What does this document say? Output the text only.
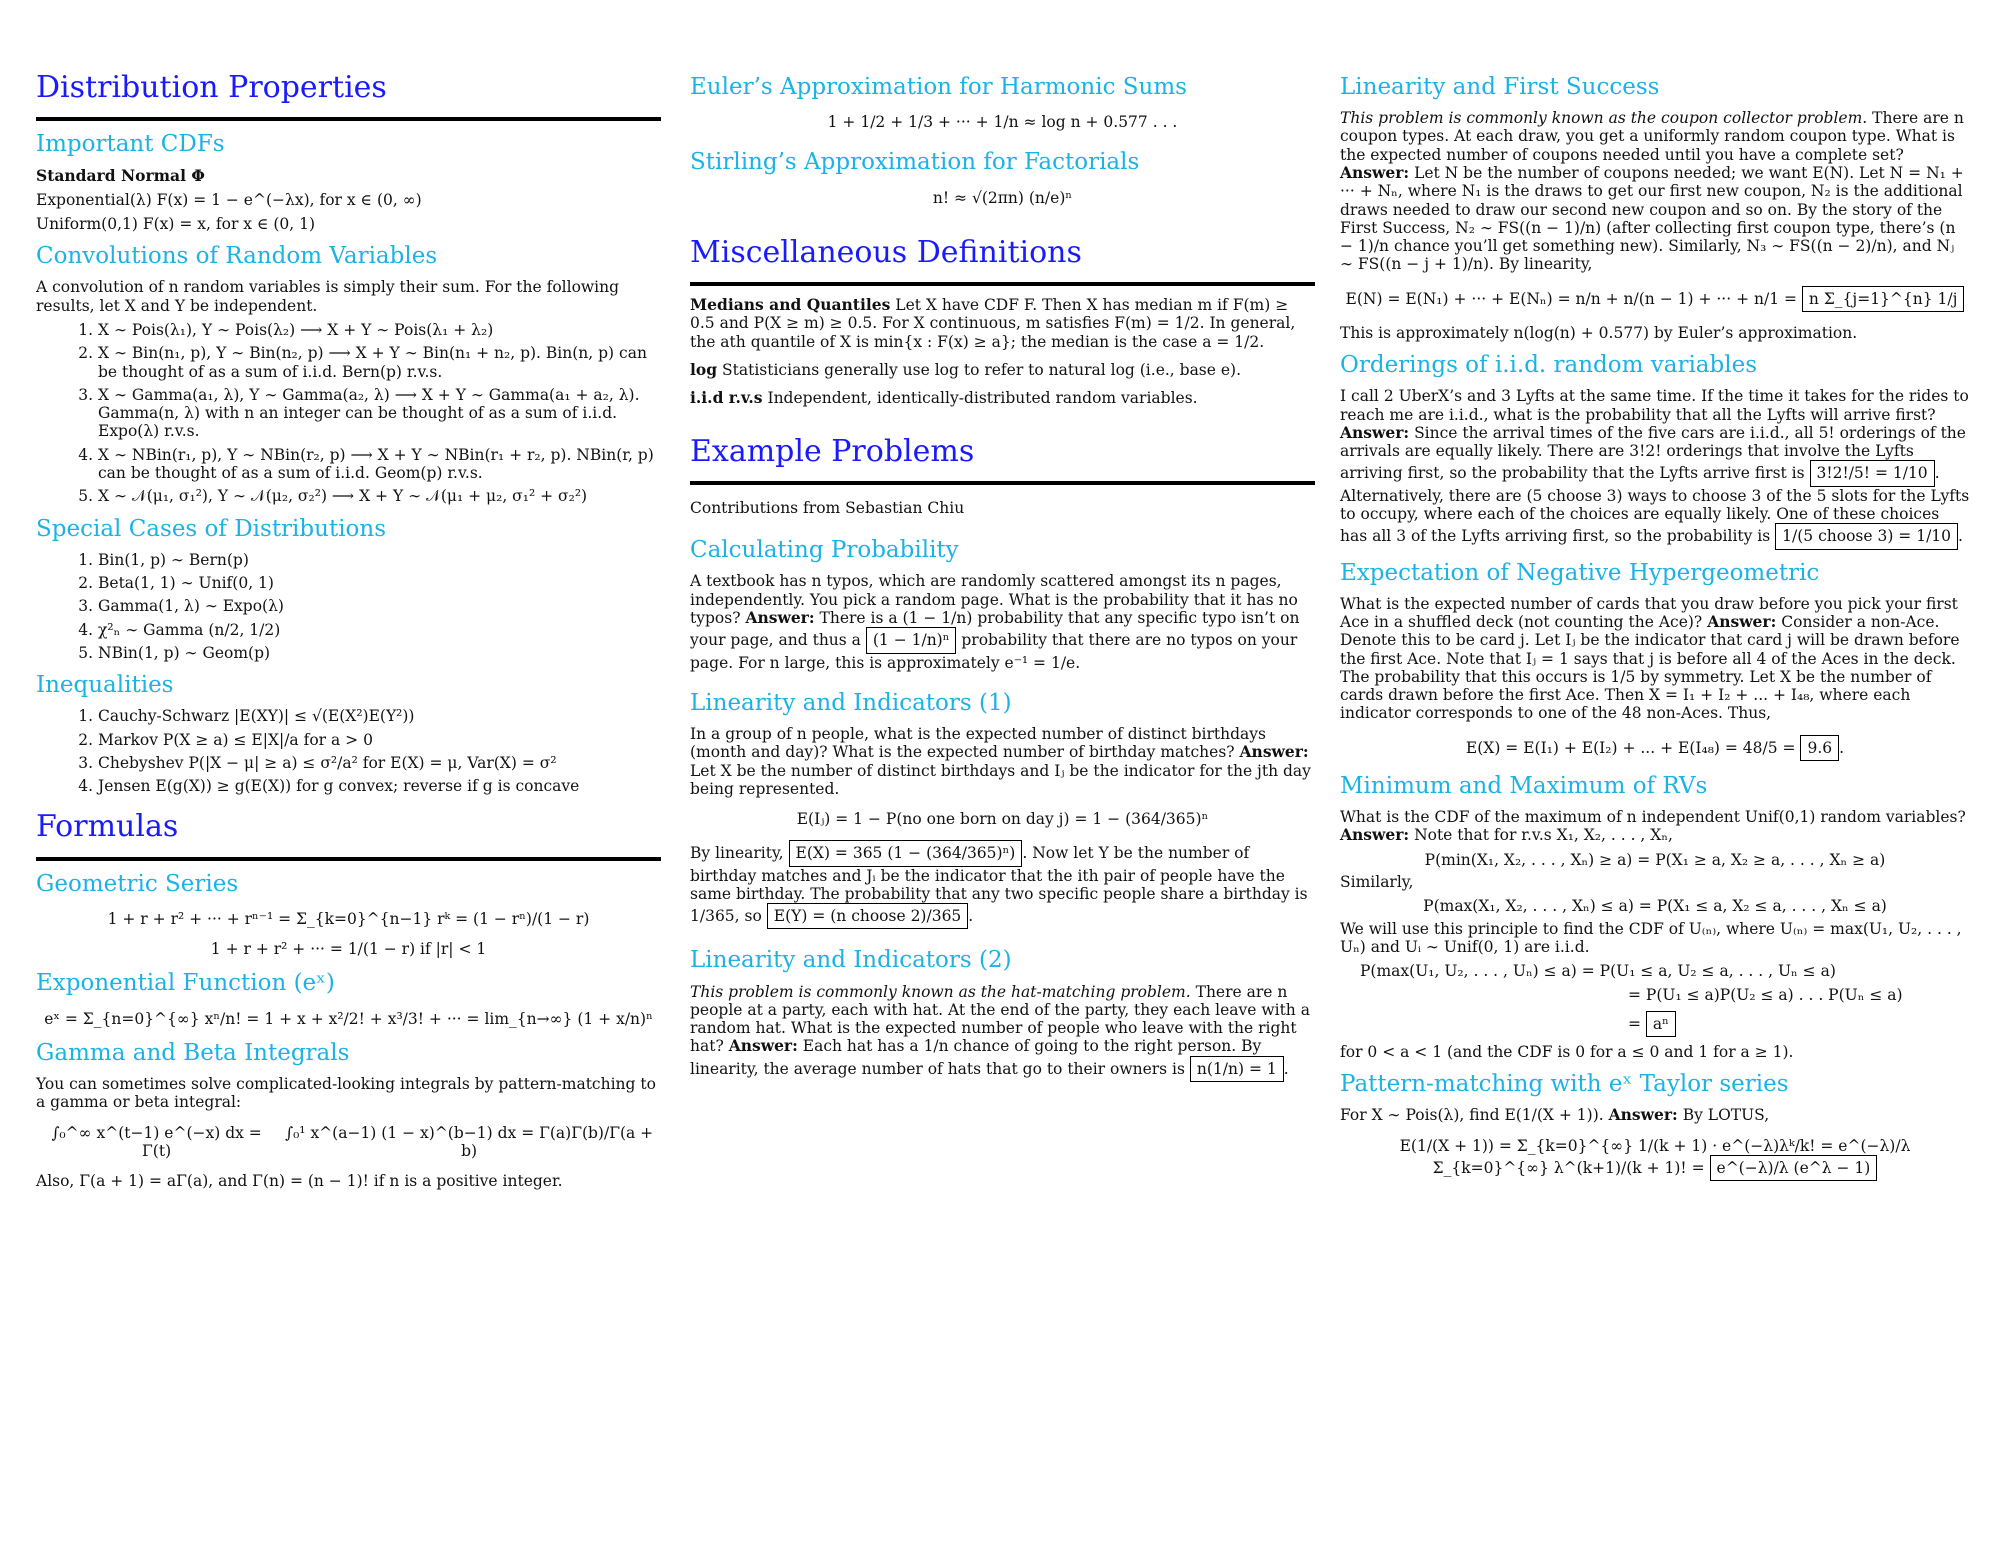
Distribution Properties
Important CDFs

Standard Normal Φ

Exponential(λ) F(x) = 1 − e^(−λx), for x ∈ (0, ∞)

Uniform(0,1) F(x) = x, for x ∈ (0, 1)

Convolutions of Random Variables

A convolution of n random variables is simply their sum. For the following results, let X and Y be independent.

1. X ∼ Pois(λ₁), Y ∼ Pois(λ₂) ⟶ X + Y ∼ Pois(λ₁ + λ₂)
2. X ∼ Bin(n₁, p), Y ∼ Bin(n₂, p) ⟶ X + Y ∼ Bin(n₁ + n₂, p). Bin(n, p) can be thought of as a sum of i.i.d. Bern(p) r.v.s.
3. X ∼ Gamma(a₁, λ), Y ∼ Gamma(a₂, λ) ⟶ X + Y ∼ Gamma(a₁ + a₂, λ). Gamma(n, λ) with n an integer can be thought of as a sum of i.i.d. Expo(λ) r.v.s.
4. X ∼ NBin(r₁, p), Y ∼ NBin(r₂, p) ⟶ X + Y ∼ NBin(r₁ + r₂, p). NBin(r, p) can be thought of as a sum of i.i.d. Geom(p) r.v.s.
5. X ∼ 𝒩(μ₁, σ₁²), Y ∼ 𝒩(μ₂, σ₂²) ⟶ X + Y ∼ 𝒩(μ₁ + μ₂, σ₁² + σ₂²)
Special Cases of Distributions
1. Bin(1, p) ∼ Bern(p)
2. Beta(1, 1) ∼ Unif(0, 1)
3. Gamma(1, λ) ∼ Expo(λ)
4. χ²ₙ ∼ Gamma (n/2, 1/2)
5. NBin(1, p) ∼ Geom(p)
Inequalities
1. Cauchy-Schwarz |E(XY)| ≤ √(E(X²)E(Y²))
2. Markov P(X ≥ a) ≤ E|X|/a for a > 0
3. Chebyshev P(|X − μ| ≥ a) ≤ σ²/a² for E(X) = μ, Var(X) = σ²
4. Jensen E(g(X)) ≥ g(E(X)) for g convex; reverse if g is concave
Formulas
Geometric Series
1 + r + r² + ··· + rⁿ⁻¹ = Σ_{k=0}^{n−1} rᵏ = (1 − rⁿ)/(1 − r)
1 + r + r² + ··· = 1/(1 − r) if |r| < 1
Exponential Function (eˣ)
eˣ = Σ_{n=0}^{∞} xⁿ/n! = 1 + x + x²/2! + x³/3! + ··· = lim_{n→∞} (1 + x/n)ⁿ
Gamma and Beta Integrals

You can sometimes solve complicated-looking integrals by pattern-matching to a gamma or beta integral:

∫₀^∞ x^(t−1) e^(−x) dx = Γ(t)
∫₀¹ x^(a−1) (1 − x)^(b−1) dx = Γ(a)Γ(b)/Γ(a + b)

Also, Γ(a + 1) = aΓ(a), and Γ(n) = (n − 1)! if n is a positive integer.

Euler’s Approximation for Harmonic Sums
1 + 1/2 + 1/3 + ··· + 1/n ≈ log n + 0.577 . . .
Stirling’s Approximation for Factorials
n! ≈ √(2πn) (n/e)ⁿ
Miscellaneous Definitions
Medians and Quantiles Let X have CDF F. Then X has median m if F(m) ≥ 0.5 and P(X ≥ m) ≥ 0.5. For X continuous, m satisfies F(m) = 1/2. In general, the ath quantile of X is min{x : F(x) ≥ a}; the median is the case a = 1/2.
log Statisticians generally use log to refer to natural log (i.e., base e).
i.i.d r.v.s Independent, identically-distributed random variables.
Example Problems

Contributions from Sebastian Chiu

Calculating Probability

A textbook has n typos, which are randomly scattered amongst its n pages, independently. You pick a random page. What is the probability that it has no typos? Answer: There is a (1 − 1/n) probability that any specific typo isn’t on your page, and thus a (1 − 1/n)ⁿ probability that there are no typos on your page. For n large, this is approximately e⁻¹ = 1/e.

Linearity and Indicators (1)

In a group of n people, what is the expected number of distinct birthdays (month and day)? What is the expected number of birthday matches? Answer: Let X be the number of distinct birthdays and Iⱼ be the indicator for the jth day being represented.

E(Iⱼ) = 1 − P(no one born on day j) = 1 − (364/365)ⁿ

By linearity, E(X) = 365 (1 − (364/365)ⁿ) . Now let Y be the number of birthday matches and Jᵢ be the indicator that the ith pair of people have the same birthday. The probability that any two specific people share a birthday is 1/365, so E(Y) = (n choose 2)/365 .

Linearity and Indicators (2)

This problem is commonly known as the hat-matching problem. There are n people at a party, each with hat. At the end of the party, they each leave with a random hat. What is the expected number of people who leave with the right hat? Answer: Each hat has a 1/n chance of going to the right person. By linearity, the average number of hats that go to their owners is n(1/n) = 1 .

Linearity and First Success

This problem is commonly known as the coupon collector problem. There are n coupon types. At each draw, you get a uniformly random coupon type. What is the expected number of coupons needed until you have a complete set? Answer: Let N be the number of coupons needed; we want E(N). Let N = N₁ + ··· + Nₙ, where N₁ is the draws to get our first new coupon, N₂ is the additional draws needed to draw our second new coupon and so on. By the story of the First Success, N₂ ∼ FS((n − 1)/n) (after collecting first coupon type, there’s (n − 1)/n chance you’ll get something new). Similarly, N₃ ∼ FS((n − 2)/n), and Nⱼ ∼ FS((n − j + 1)/n). By linearity,

E(N) = E(N₁) + ··· + E(Nₙ) = n/n + n/(n − 1) + ··· + n/1 = n Σ_{j=1}^{n} 1/j

This is approximately n(log(n) + 0.577) by Euler’s approximation.

Orderings of i.i.d. random variables

I call 2 UberX’s and 3 Lyfts at the same time. If the time it takes for the rides to reach me are i.i.d., what is the probability that all the Lyfts will arrive first? Answer: Since the arrival times of the five cars are i.i.d., all 5! orderings of the arrivals are equally likely. There are 3!2! orderings that involve the Lyfts arriving first, so the probability that the Lyfts arrive first is 3!2!/5! = 1/10 . Alternatively, there are (5 choose 3) ways to choose 3 of the 5 slots for the Lyfts to occupy, where each of the choices are equally likely. One of these choices has all 3 of the Lyfts arriving first, so the probability is 1/(5 choose 3) = 1/10 .

Expectation of Negative Hypergeometric

What is the expected number of cards that you draw before you pick your first Ace in a shuffled deck (not counting the Ace)? Answer: Consider a non-Ace. Denote this to be card j. Let Iⱼ be the indicator that card j will be drawn before the first Ace. Note that Iⱼ = 1 says that j is before all 4 of the Aces in the deck. The probability that this occurs is 1/5 by symmetry. Let X be the number of cards drawn before the first Ace. Then X = I₁ + I₂ + ... + I₄₈, where each indicator corresponds to one of the 48 non-Aces. Thus,

E(X) = E(I₁) + E(I₂) + ... + E(I₄₈) = 48/5 = 9.6 .
Minimum and Maximum of RVs

What is the CDF of the maximum of n independent Unif(0,1) random variables? Answer: Note that for r.v.s X₁, X₂, . . . , Xₙ,

P(min(X₁, X₂, . . . , Xₙ) ≥ a) = P(X₁ ≥ a, X₂ ≥ a, . . . , Xₙ ≥ a)

Similarly,

P(max(X₁, X₂, . . . , Xₙ) ≤ a) = P(X₁ ≤ a, X₂ ≤ a, . . . , Xₙ ≤ a)

We will use this principle to find the CDF of U₍ₙ₎, where U₍ₙ₎ = max(U₁, U₂, . . . , Uₙ) and Uᵢ ∼ Unif(0, 1) are i.i.d.

P(max(U₁, U₂, . . . , Uₙ) ≤ a) = P(U₁ ≤ a, U₂ ≤ a, . . . , Uₙ ≤ a)
= P(U₁ ≤ a)P(U₂ ≤ a) . . . P(Uₙ ≤ a)
= aⁿ

for 0 < a < 1 (and the CDF is 0 for a ≤ 0 and 1 for a ≥ 1).

Pattern-matching with eˣ Taylor series

For X ∼ Pois(λ), find E(1/(X + 1)). Answer: By LOTUS,

E(1/(X + 1)) = Σ_{k=0}^{∞} 1/(k + 1) · e^(−λ)λᵏ/k! = e^(−λ)/λ Σ_{k=0}^{∞} λ^(k+1)/(k + 1)! = e^(−λ)/λ (e^λ − 1)
